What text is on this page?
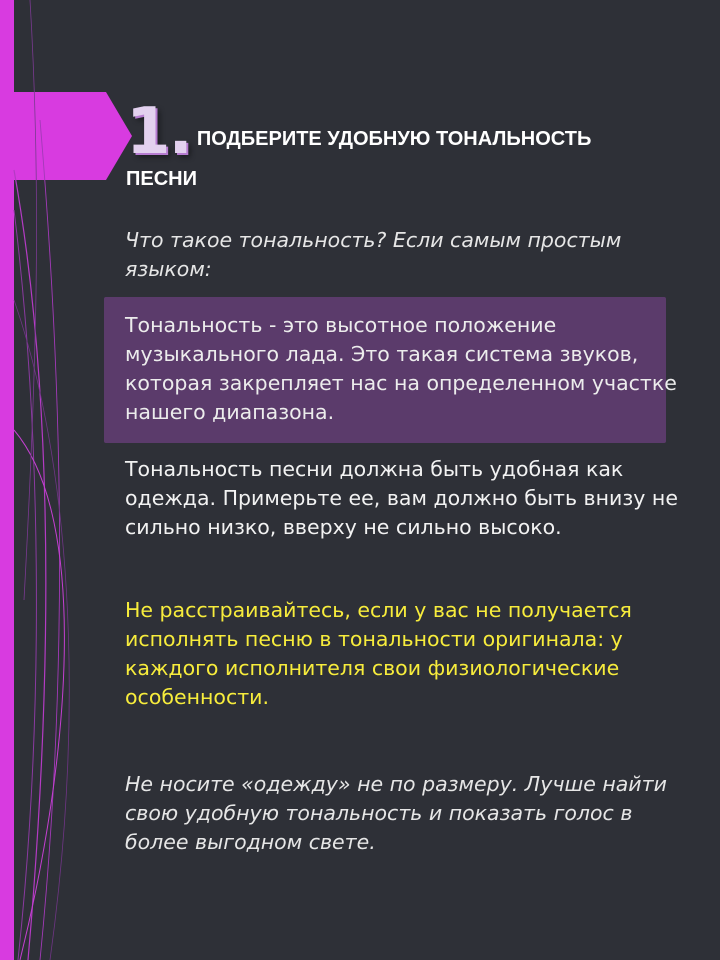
1. ПОДБЕРИТЕ УДОБНУЮ ТОНАЛЬНОСТЬ
ПЕСНИ

Что такое тональность? Если самым простым языком:

Тональность - это высотное положение музыкального лада. Это такая система звуков, которая закрепляет нас на определенном участке нашего диапазона.

Тональность песни должна быть удобная как одежда. Примерьте ее, вам должно быть внизу не сильно низко, вверху не сильно высоко.

Не расстраивайтесь, если у вас не получается исполнять песню в тональности оригинала: у каждого исполнителя свои физиологические особенности.

Не носите «одежду» не по размеру. Лучше найти свою удобную тональность и показать голос в более выгодном свете.
